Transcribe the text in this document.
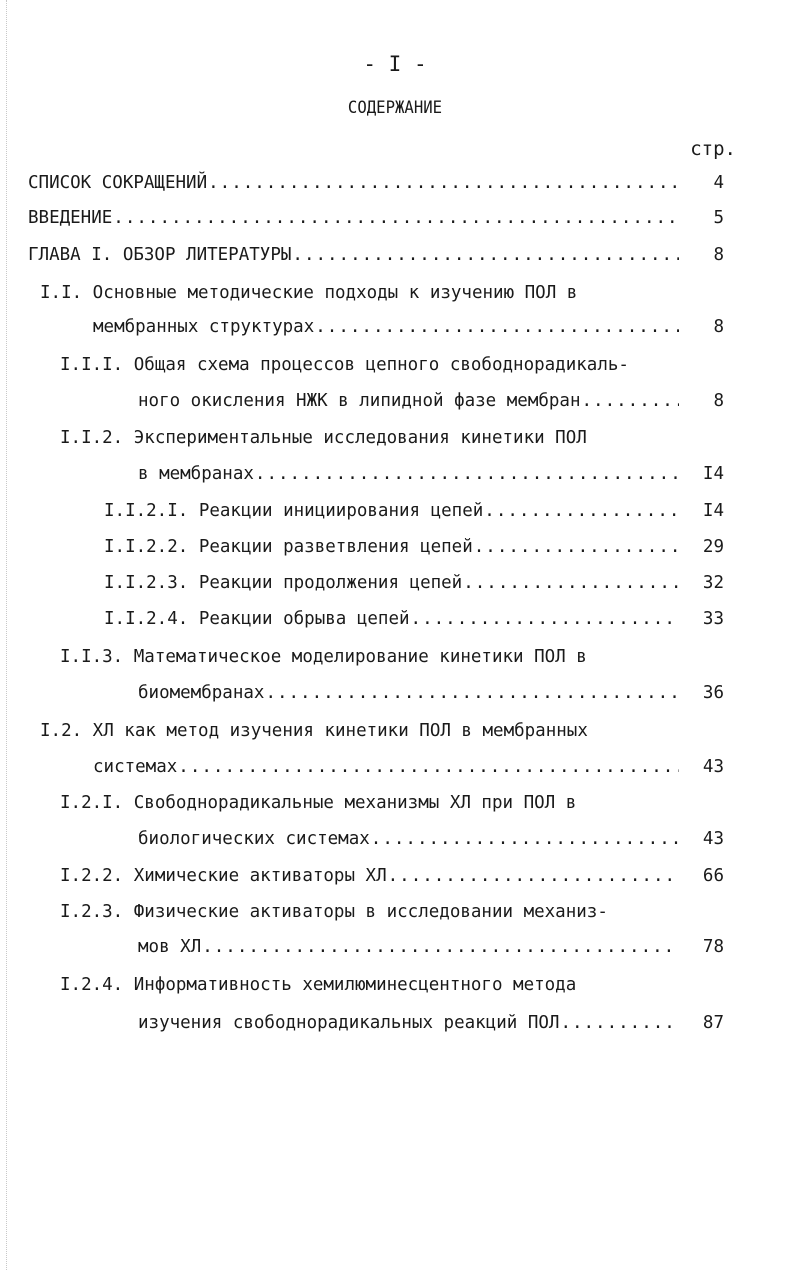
- I -
СОДЕРЖАНИЕ
стр.
СПИСОК СОКРАЩЕНИЙ .....	4
ВВЕДЕНИЕ .....	5
ГЛАВА I. ОБЗОР ЛИТЕРАТУРЫ .....	8
I.I. Основные методические подходы к изучению ПОЛ в
мембранных структурах .....	8
I.I.I. Общая схема процессов цепного свободнорадикаль-
ного окисления НЖК в липидной фазе мембран .....	8
I.I.2. Экспериментальные исследования кинетики ПОЛ
в мембранах .....	I4
I.I.2.I. Реакции инициирования цепей .....	I4
I.I.2.2. Реакции разветвления цепей .....	29
I.I.2.3. Реакции продолжения цепей .....	32
I.I.2.4. Реакции обрыва цепей .....	33
I.I.3. Математическое моделирование кинетики ПОЛ в
биомембранах .....	36
I.2. ХЛ как метод изучения кинетики ПОЛ в мембранных
системах .....	43
I.2.I. Свободнорадикальные механизмы ХЛ при ПОЛ в
биологических системах .....	43
I.2.2. Химические активаторы ХЛ .....	66
I.2.3. Физические активаторы в исследовании механиз-
мов ХЛ .....	78
I.2.4. Информативность хемилюминесцентного метода
изучения свободнорадикальных реакций ПОЛ .....	87
